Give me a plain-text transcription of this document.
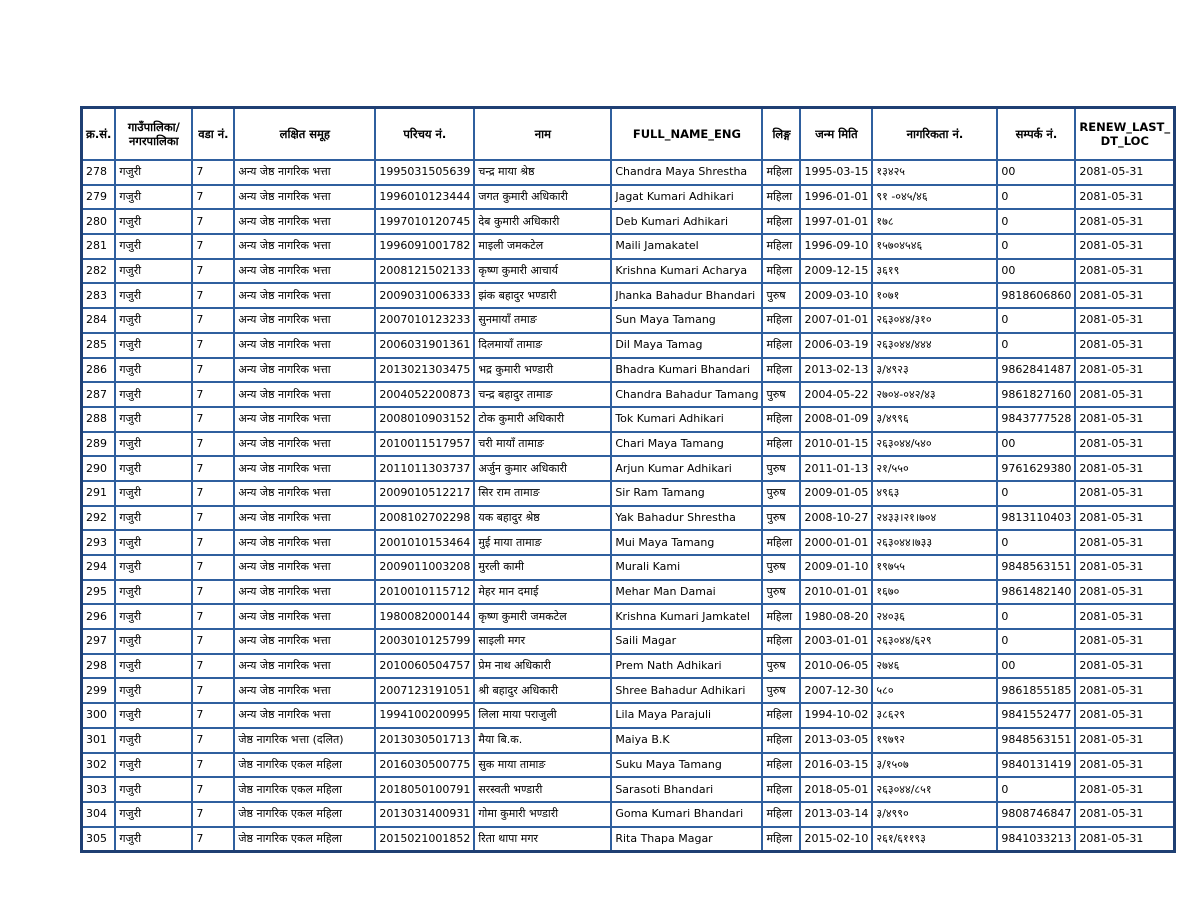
क्र.सं.	गाउँपालिका/ नगरपालिका	वडा नं.	लक्षित समूह	परिचय नं.	नाम	FULL_NAME_ENG	लिङ्ग	जन्म मिति	नागरिकता नं.	सम्पर्क नं.	RENEW_LAST_ DT_LOC
278	गजुरी	7	अन्य जेष्ठ नागरिक भत्ता	1995031505639	चन्द्र माया श्रेष्ठ	Chandra Maya Shrestha	महिला	1995-03-15	१३४२५	00	2081-05-31
279	गजुरी	7	अन्य जेष्ठ नागरिक भत्ता	1996010123444	जगत कुमारी अधिकारी	Jagat Kumari Adhikari	महिला	1996-01-01	९१ -०४५/४६	0	2081-05-31
280	गजुरी	7	अन्य जेष्ठ नागरिक भत्ता	1997010120745	देब कुमारी अधिकारी	Deb Kumari Adhikari	महिला	1997-01-01	१७८	0	2081-05-31
281	गजुरी	7	अन्य जेष्ठ नागरिक भत्ता	1996091001782	माइली जमकटेल	Maili Jamakatel	महिला	1996-09-10	१५७०४५४६	0	2081-05-31
282	गजुरी	7	अन्य जेष्ठ नागरिक भत्ता	2008121502133	कृष्ण कुमारी आचार्य	Krishna Kumari Acharya	महिला	2009-12-15	३६१९	00	2081-05-31
283	गजुरी	7	अन्य जेष्ठ नागरिक भत्ता	2009031006333	झंक बहादुर भण्डारी	Jhanka Bahadur Bhandari	पुरुष	2009-03-10	१०७१	9818606860	2081-05-31
284	गजुरी	7	अन्य जेष्ठ नागरिक भत्ता	2007010123233	सुनमायाँ तमाङ	Sun Maya Tamang	महिला	2007-01-01	२६३०४४/३१०	0	2081-05-31
285	गजुरी	7	अन्य जेष्ठ नागरिक भत्ता	2006031901361	दिलमायाँ तामाङ	Dil Maya Tamag	महिला	2006-03-19	२६३०४४/४४४	0	2081-05-31
286	गजुरी	7	अन्य जेष्ठ नागरिक भत्ता	2013021303475	भद्र कुमारी भण्डारी	Bhadra Kumari Bhandari	महिला	2013-02-13	३/४९२३	9862841487	2081-05-31
287	गजुरी	7	अन्य जेष्ठ नागरिक भत्ता	2004052200873	चन्द्र बहादुर तामाङ	Chandra Bahadur Tamang	पुरुष	2004-05-22	२७०४-०४२/४३	9861827160	2081-05-31
288	गजुरी	7	अन्य जेष्ठ नागरिक भत्ता	2008010903152	टोक कुमारी अधिकारी	Tok Kumari Adhikari	महिला	2008-01-09	३/४९९६	9843777528	2081-05-31
289	गजुरी	7	अन्य जेष्ठ नागरिक भत्ता	2010011517957	चरी मायाँ तामाङ	Chari Maya Tamang	महिला	2010-01-15	२६३०४४/५४०	00	2081-05-31
290	गजुरी	7	अन्य जेष्ठ नागरिक भत्ता	2011011303737	अर्जुन कुमार अधिकारी	Arjun Kumar Adhikari	पुरुष	2011-01-13	२१/५५०	9761629380	2081-05-31
291	गजुरी	7	अन्य जेष्ठ नागरिक भत्ता	2009010512217	सिर राम तामाङ	Sir Ram Tamang	पुरुष	2009-01-05	४९६३	0	2081-05-31
292	गजुरी	7	अन्य जेष्ठ नागरिक भत्ता	2008102702298	यक बहादुर श्रेष्ठ	Yak Bahadur Shrestha	पुरुष	2008-10-27	२४३३।२१।७०४	9813110403	2081-05-31
293	गजुरी	7	अन्य जेष्ठ नागरिक भत्ता	2001010153464	मुई माया तामाङ	Mui Maya Tamang	महिला	2000-01-01	२६३०४४।७३३	0	2081-05-31
294	गजुरी	7	अन्य जेष्ठ नागरिक भत्ता	2009011003208	मुरली कामी	Murali Kami	पुरुष	2009-01-10	१९७५५	9848563151	2081-05-31
295	गजुरी	7	अन्य जेष्ठ नागरिक भत्ता	2010010115712	मेहर मान दमाई	Mehar Man Damai	पुरुष	2010-01-01	१६७०	9861482140	2081-05-31
296	गजुरी	7	अन्य जेष्ठ नागरिक भत्ता	1980082000144	कृष्ण कुमारी जमकटेल	Krishna Kumari Jamkatel	महिला	1980-08-20	२४०३६	0	2081-05-31
297	गजुरी	7	अन्य जेष्ठ नागरिक भत्ता	2003010125799	साइली मगर	Saili Magar	महिला	2003-01-01	२६३०४४/६२९	0	2081-05-31
298	गजुरी	7	अन्य जेष्ठ नागरिक भत्ता	2010060504757	प्रेम नाथ अधिकारी	Prem Nath Adhikari	पुरुष	2010-06-05	२७४६	00	2081-05-31
299	गजुरी	7	अन्य जेष्ठ नागरिक भत्ता	2007123191051	श्री बहादुर अधिकारी	Shree Bahadur Adhikari	पुरुष	2007-12-30	५८०	9861855185	2081-05-31
300	गजुरी	7	अन्य जेष्ठ नागरिक भत्ता	1994100200995	लिला माया पराजुली	Lila Maya Parajuli	महिला	1994-10-02	३८६२९	9841552477	2081-05-31
301	गजुरी	7	जेष्ठ नागरिक भत्ता (दलित)	2013030501713	मैया बि.क.	Maiya B.K	महिला	2013-03-05	१९७९२	9848563151	2081-05-31
302	गजुरी	7	जेष्ठ नागरिक एकल महिला	2016030500775	सुक माया तामाङ	Suku Maya Tamang	महिला	2016-03-15	३/१५०७	9840131419	2081-05-31
303	गजुरी	7	जेष्ठ नागरिक एकल महिला	2018050100791	सरस्वती भण्डारी	Sarasoti Bhandari	महिला	2018-05-01	२६३०४४/८५१	0	2081-05-31
304	गजुरी	7	जेष्ठ नागरिक एकल महिला	2013031400931	गोमा कुमारी भण्डारी	Goma Kumari Bhandari	महिला	2013-03-14	३/४९९०	9808746847	2081-05-31
305	गजुरी	7	जेष्ठ नागरिक एकल महिला	2015021001852	रिता थापा मगर	Rita Thapa Magar	महिला	2015-02-10	२६१/६११९३	9841033213	2081-05-31
